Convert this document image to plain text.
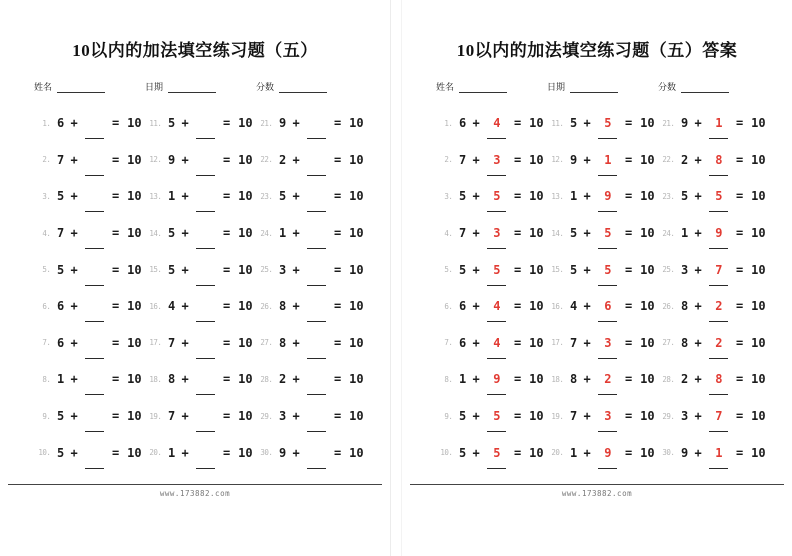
10以内的加法填空练习题（五）
姓名	日期	分数
1. 6 +	= 10	11. 5 +	= 10	21. 9 +	= 10
2. 7 +	= 10	12. 9 +	= 10	22. 2 +	= 10
3. 5 +	= 10	13. 1 +	= 10	23. 5 +	= 10
4. 7 +	= 10	14. 5 +	= 10	24. 1 +	= 10
5. 5 +	= 10	15. 5 +	= 10	25. 3 +	= 10
6. 6 +	= 10	16. 4 +	= 10	26. 8 +	= 10
7. 6 +	= 10	17. 7 +	= 10	27. 8 +	= 10
8. 1 +	= 10	18. 8 +	= 10	28. 2 +	= 10
9. 5 +	= 10	19. 7 +	= 10	29. 3 +	= 10
10. 5 +	= 10	20. 1 +	= 10	30. 9 +	= 10
www.173882.com
10以内的加法填空练习题（五）答案
姓名	日期	分数
1. 6 +	4	= 10	11. 5 +	5	= 10	21. 9 +	1	= 10
2. 7 +	3	= 10	12. 9 +	1	= 10	22. 2 +	8	= 10
3. 5 +	5	= 10	13. 1 +	9	= 10	23. 5 +	5	= 10
4. 7 +	3	= 10	14. 5 +	5	= 10	24. 1 +	9	= 10
5. 5 +	5	= 10	15. 5 +	5	= 10	25. 3 +	7	= 10
6. 6 +	4	= 10	16. 4 +	6	= 10	26. 8 +	2	= 10
7. 6 +	4	= 10	17. 7 +	3	= 10	27. 8 +	2	= 10
8. 1 +	9	= 10	18. 8 +	2	= 10	28. 2 +	8	= 10
9. 5 +	5	= 10	19. 7 +	3	= 10	29. 3 +	7	= 10
10. 5 +	5	= 10	20. 1 +	9	= 10	30. 9 +	1	= 10
www.173882.com
